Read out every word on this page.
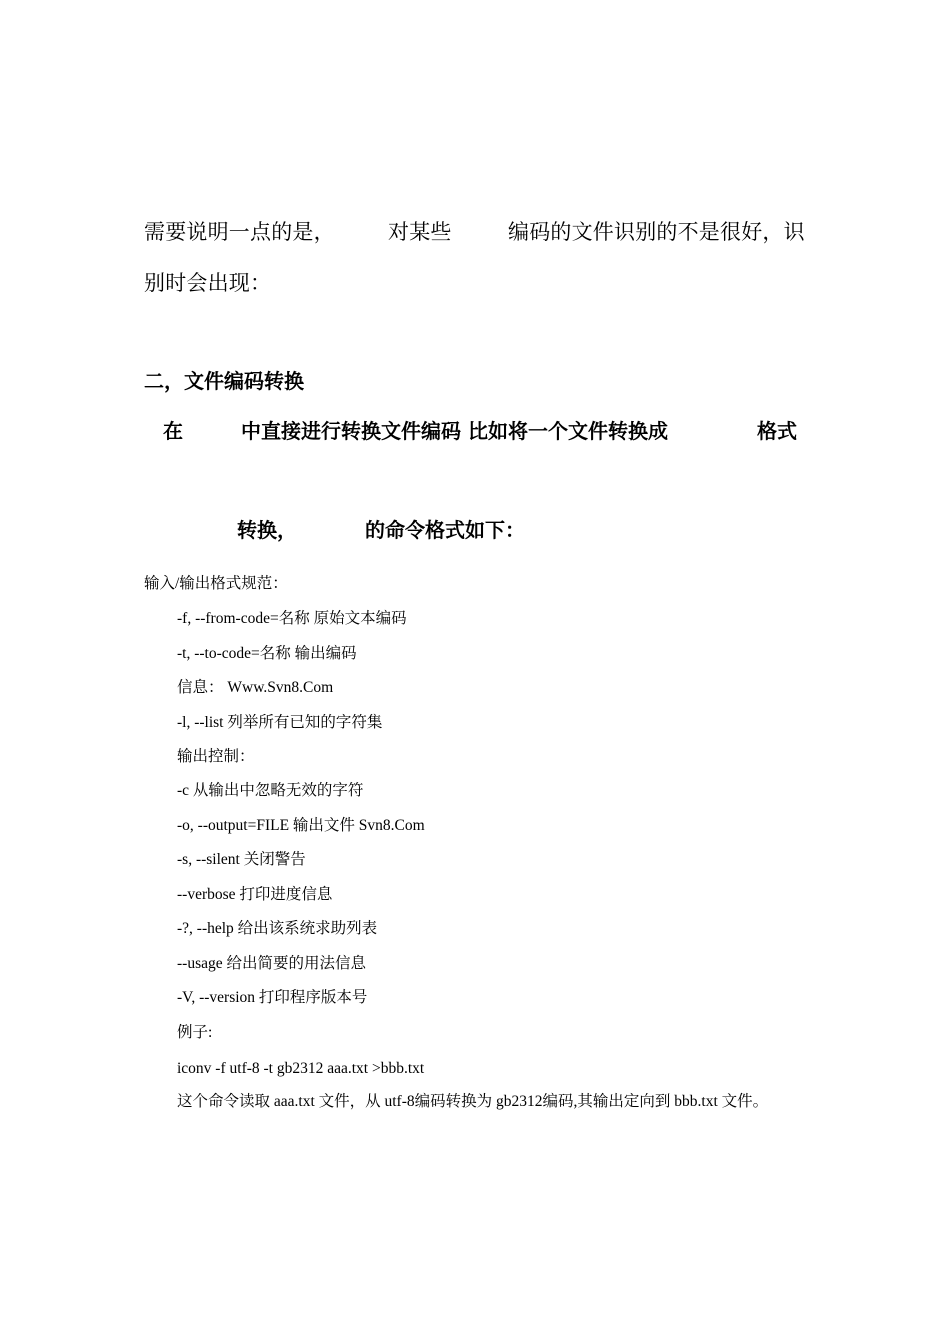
需要说明一点的是，	对某些	编码的文件识别的不是很好，识
别时会出现：
二，文件编码转换
在	中直接进行转换文件编码 比如将一个文件转换成	格式
转换，	的命令格式如下：
输入/输出格式规范：
-f, --from-code=名称 原始文本编码
-t, --to-code=名称 输出编码
信息： Www.Svn8.Com
-l, --list 列举所有已知的字符集
输出控制：
-c 从输出中忽略无效的字符
-o, --output=FILE 输出文件 Svn8.Com
-s, --silent 关闭警告
--verbose 打印进度信息
-?, --help 给出该系统求助列表
--usage 给出简要的用法信息
-V, --version 打印程序版本号
例子:
iconv -f utf-8 -t gb2312 aaa.txt >bbb.txt
这个命令读取 aaa.txt 文件，从 utf-8编码转换为 gb2312编码,其输出定向到 bbb.txt 文件。
